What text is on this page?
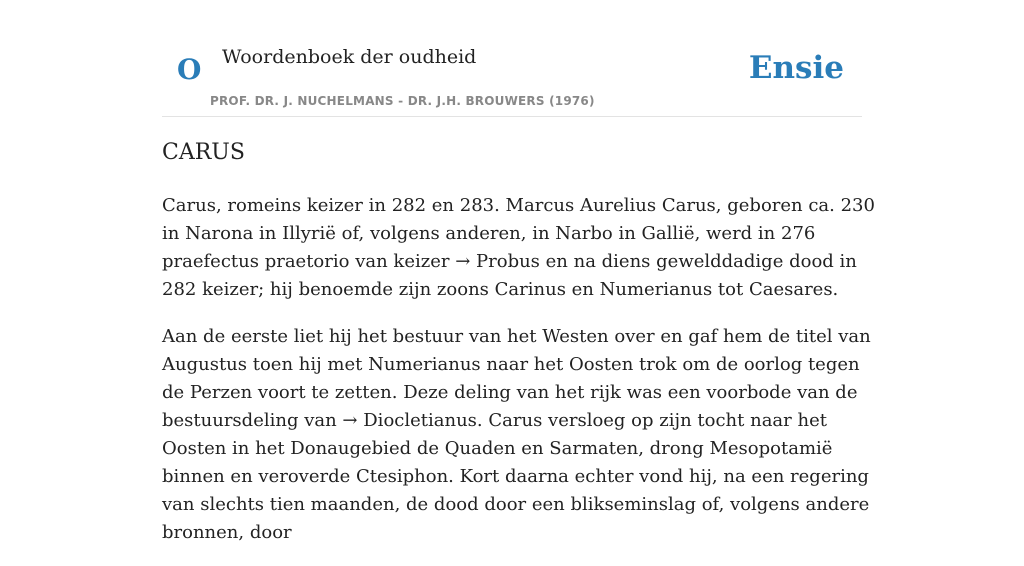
O Woordenboek der oudheid
PROF. DR. J. NUCHELMANS - DR. J.H. BROUWERS (1976)
Ensie
CARUS

Carus, romeins keizer in 282 en 283. Marcus Aurelius Carus, geboren ca. 230 in Narona in Illyrië of, volgens anderen, in Narbo in Gallië, werd in 276 praefectus praetorio van keizer → Probus en na diens gewelddadige dood in 282 keizer; hij benoemde zijn zoons Carinus en Numerianus tot Caesares.

Aan de eerste liet hij het bestuur van het Westen over en gaf hem de titel van Augustus toen hij met Numerianus naar het Oosten trok om de oorlog tegen de Perzen voort te zetten. Deze deling van het rijk was een voorbode van de bestuursdeling van → Diocletianus. Carus versloeg op zijn tocht naar het Oosten in het Donaugebied de Quaden en Sarmaten, drong Mesopotamië binnen en veroverde Ctesiphon. Kort daarna echter vond hij, na een regering van slechts tien maanden, de dood door een blikseminslag of, volgens andere bronnen, door
